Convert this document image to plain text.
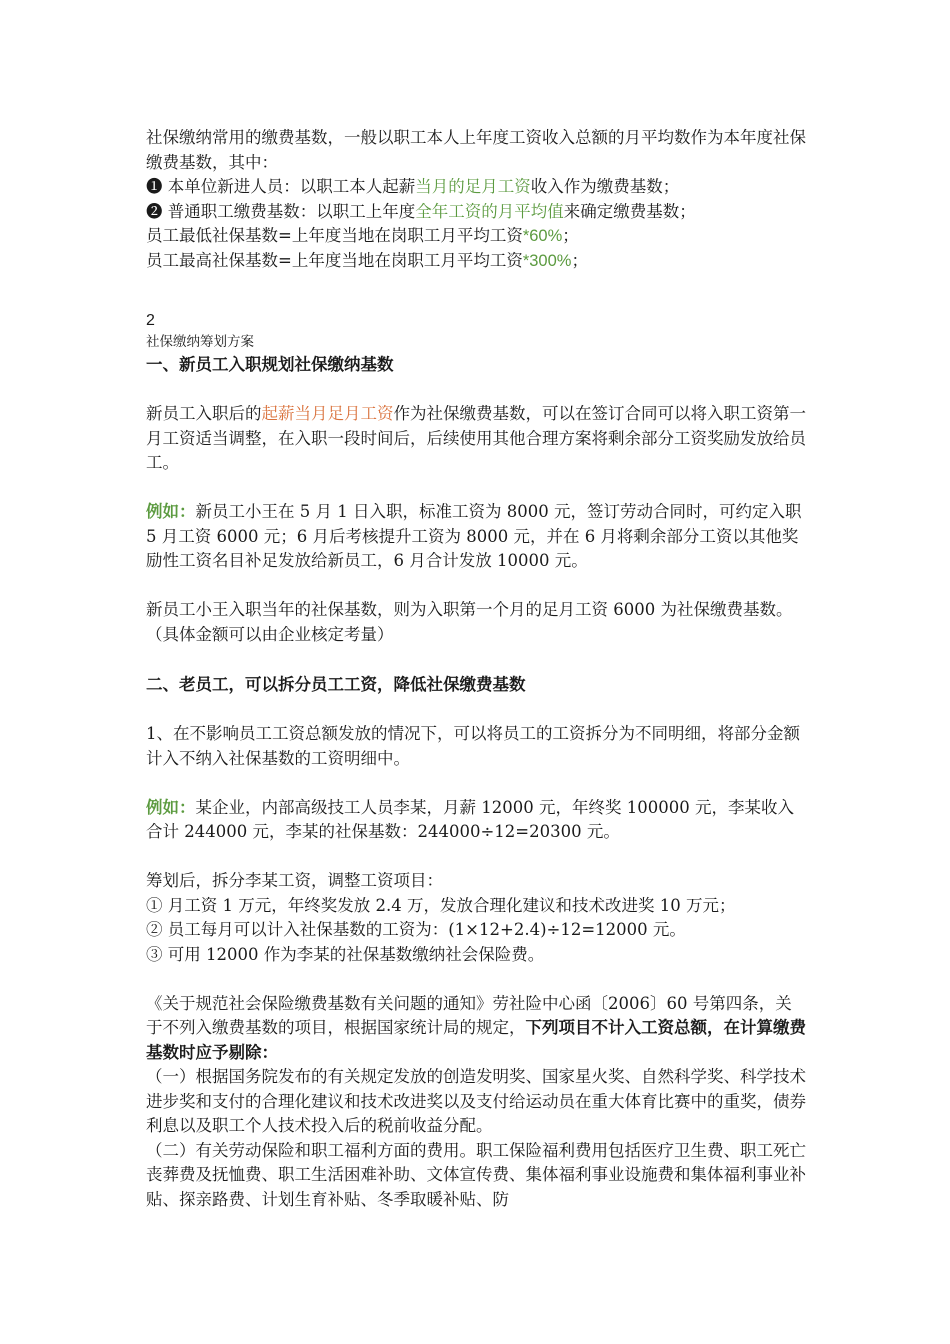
社保缴纳常用的缴费基数，一般以职工本人上年度工资收入总额的月平均数作为本年度社保缴费基数，其中：

❶ 本单位新进人员：以职工本人起薪当月的足月工资收入作为缴费基数；

❷ 普通职工缴费基数：以职工上年度全年工资的月平均值来确定缴费基数；

员工最低社保基数=上年度当地在岗职工月平均工资*60%；

员工最高社保基数=上年度当地在岗职工月平均工资*300%；

2
社保缴纳筹划方案

一、新员工入职规划社保缴纳基数

新员工入职后的起薪当月足月工资作为社保缴费基数，可以在签订合同可以将入职工资第一月工资适当调整，在入职一段时间后，后续使用其他合理方案将剩余部分工资奖励发放给员工。

例如：新员工小王在 5 月 1 日入职，标准工资为 8000 元，签订劳动合同时，可约定入职 5 月工资 6000 元；6 月后考核提升工资为 8000 元，并在 6 月将剩余部分工资以其他奖励性工资名目补足发放给新员工，6 月合计发放 10000 元。

新员工小王入职当年的社保基数，则为入职第一个月的足月工资 6000 为社保缴费基数。（具体金额可以由企业核定考量）

二、老员工，可以拆分员工工资，降低社保缴费基数

1、在不影响员工工资总额发放的情况下，可以将员工的工资拆分为不同明细，将部分金额计入不纳入社保基数的工资明细中。

例如：某企业，内部高级技工人员李某，月薪 12000 元，年终奖 100000 元，李某收入合计 244000 元，李某的社保基数：244000÷12=20300 元。

筹划后，拆分李某工资，调整工资项目：

① 月工资 1 万元，年终奖发放 2.4 万，发放合理化建议和技术改进奖 10 万元；

② 员工每月可以计入社保基数的工资为：(1×12+2.4)÷12=12000 元。

③ 可用 12000 作为李某的社保基数缴纳社会保险费。

《关于规范社会保险缴费基数有关问题的通知》劳社险中心函〔2006〕60 号第四条，关于不列入缴费基数的项目，根据国家统计局的规定，下列项目不计入工资总额，在计算缴费基数时应予剔除：

（一）根据国务院发布的有关规定发放的创造发明奖、国家星火奖、自然科学奖、科学技术进步奖和支付的合理化建议和技术改进奖以及支付给运动员在重大体育比赛中的重奖，债券利息以及职工个人技术投入后的税前收益分配。

（二）有关劳动保险和职工福利方面的费用。职工保险福利费用包括医疗卫生费、职工死亡丧葬费及抚恤费、职工生活困难补助、文体宣传费、集体福利事业设施费和集体福利事业补贴、探亲路费、计划生育补贴、冬季取暖补贴、防
